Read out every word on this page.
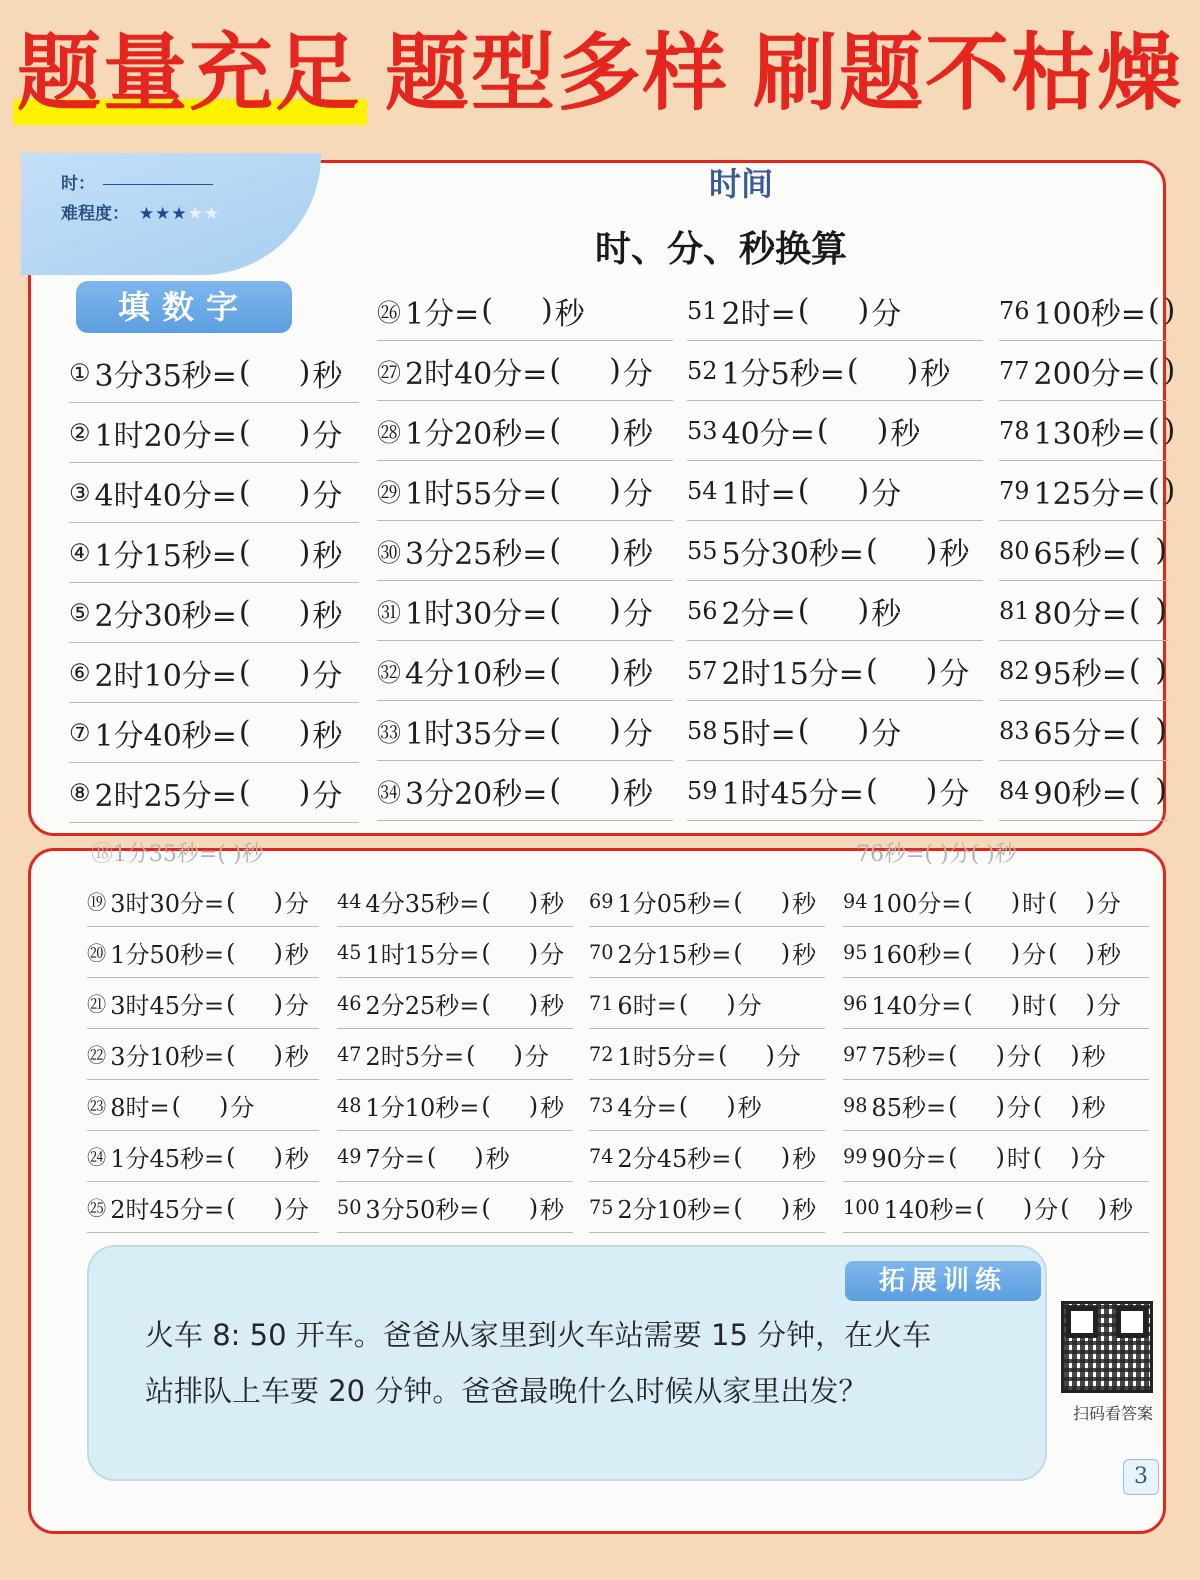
题量充足 题型多样 刷题不枯燥
时：
难程度： ★★★★★
时间
时、分、秒换算
填数字
① 3分35秒= ( ) 秒
② 1时20分= ( ) 分
③ 4时40分= ( ) 分
④ 1分15秒= ( ) 秒
⑤ 2分30秒= ( ) 秒
⑥ 2时10分= ( ) 分
⑦ 1分40秒= ( ) 秒
⑧ 2时25分= ( ) 分
㉖ 1分= ( ) 秒
㉗ 2时40分= ( ) 分
㉘ 1分20秒= ( ) 秒
㉙ 1时55分= ( ) 分
㉚ 3分25秒= ( ) 秒
㉛ 1时30分= ( ) 分
㉜ 4分10秒= ( ) 秒
㉝ 1时35分= ( ) 分
㉞ 3分20秒= ( ) 秒
51 2时= ( ) 分
52 1分5秒= ( ) 秒
53 40分= ( ) 秒
54 1时= ( ) 分
55 5分30秒= ( ) 秒
56 2分= ( ) 秒
57 2时15分= ( ) 分
58 5时= ( ) 分
59 1时45分= ( ) 分
76 100秒= ( )
77 200分= ( )
78 130秒= ( )
79 125分= ( )
80 65秒= ( )
81 80分= ( )
82 95秒= ( )
83 65分= ( )
84 90秒= ( )
⑱1分35秒=( )秒	76秒=( )分( )秒
⑲ 3时30分= ( ) 分
⑳ 1分50秒= ( ) 秒
㉑ 3时45分= ( ) 分
㉒ 3分10秒= ( ) 秒
㉓ 8时= ( ) 分
㉔ 1分45秒= ( ) 秒
㉕ 2时45分= ( ) 分
44 4分35秒= ( ) 秒
45 1时15分= ( ) 分
46 2分25秒= ( ) 秒
47 2时5分= ( ) 分
48 1分10秒= ( ) 秒
49 7分= ( ) 秒
50 3分50秒= ( ) 秒
69 1分05秒= ( ) 秒
70 2分15秒= ( ) 秒
71 6时= ( ) 分
72 1时5分= ( ) 分
73 4分= ( ) 秒
74 2分45秒= ( ) 秒
75 2分10秒= ( ) 秒
94 100分= ( ) 时 ( ) 分
95 160秒= ( ) 分 ( ) 秒
96 140分= ( ) 时 ( ) 分
97 75秒= ( ) 分 ( ) 秒
98 85秒= ( ) 分 ( ) 秒
99 90分= ( ) 时 ( ) 分
100 140秒= ( ) 分 ( ) 秒
拓展训练
火车 8: 50 开车。爸爸从家里到火车站需要 15 分钟，在火车
站排队上车要 20 分钟。爸爸最晚什么时候从家里出发？
扫码看答案
3
